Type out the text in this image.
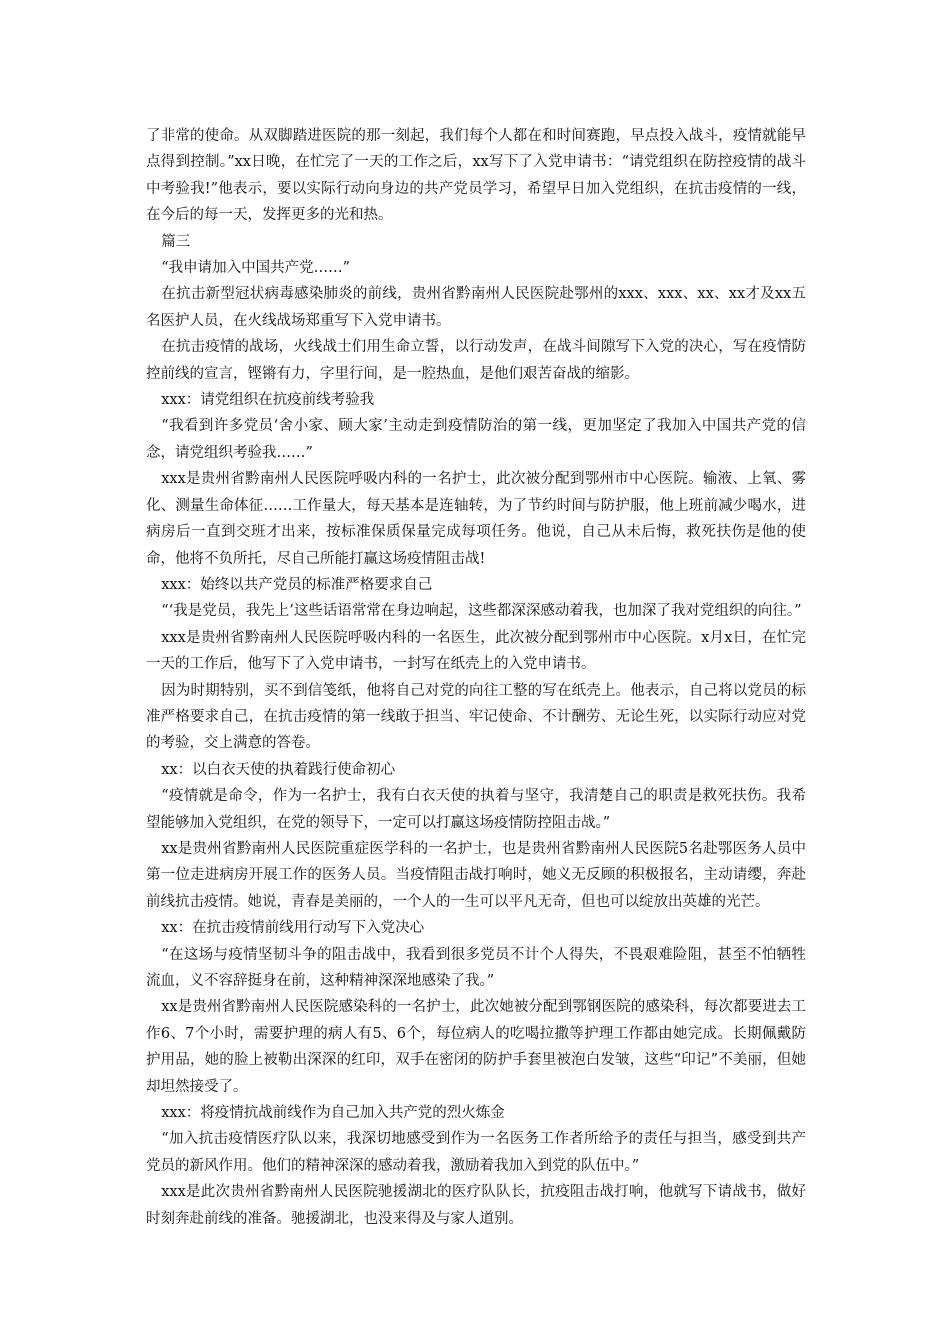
了非常的使命。从双脚踏进医院的那一刻起，我们每个人都在和时间赛跑，早点投入战斗，疫情就能早点得到控制。”xx日晚，在忙完了一天的工作之后，xx写下了入党申请书：“请党组织在防控疫情的战斗中考验我!”他表示，要以实际行动向身边的共产党员学习，希望早日加入党组织，在抗击疫情的一线，在今后的每一天，发挥更多的光和热。

篇三

“我申请加入中国共产党……”

在抗击新型冠状病毒感染肺炎的前线，贵州省黔南州人民医院赴鄂州的xxx、xxx、xx、xx才及xx五名医护人员，在火线战场郑重写下入党申请书。

在抗击疫情的战场，火线战士们用生命立誓，以行动发声，在战斗间隙写下入党的决心，写在疫情防控前线的宣言，铿锵有力，字里行间，是一腔热血，是他们艰苦奋战的缩影。

xxx：请党组织在抗疫前线考验我

“我看到许多党员‘舍小家、顾大家’主动走到疫情防治的第一线，更加坚定了我加入中国共产党的信念，请党组织考验我……”

xxx是贵州省黔南州人民医院呼吸内科的一名护士，此次被分配到鄂州市中心医院。输液、上氧、雾化、测量生命体征……工作量大，每天基本是连轴转，为了节约时间与防护服，他上班前减少喝水，进病房后一直到交班才出来，按标准保质保量完成每项任务。他说，自己从未后悔，救死扶伤是他的使命，他将不负所托，尽自己所能打赢这场疫情阻击战!

xxx：始终以共产党员的标准严格要求自己

“‘我是党员，我先上’这些话语常常在身边响起，这些都深深感动着我，也加深了我对党组织的向往。”

xxx是贵州省黔南州人民医院呼吸内科的一名医生，此次被分配到鄂州市中心医院。x月x日，在忙完一天的工作后，他写下了入党申请书，一封写在纸壳上的入党申请书。

因为时期特别，买不到信笺纸，他将自己对党的向往工整的写在纸壳上。他表示，自己将以党员的标准严格要求自己，在抗击疫情的第一线敢于担当、牢记使命、不计酬劳、无论生死，以实际行动应对党的考验，交上满意的答卷。

xx：以白衣天使的执着践行使命初心

“疫情就是命令，作为一名护士，我有白衣天使的执着与坚守，我清楚自己的职责是救死扶伤。我希望能够加入党组织，在党的领导下，一定可以打赢这场疫情防控阻击战。”

xx是贵州省黔南州人民医院重症医学科的一名护士，也是贵州省黔南州人民医院5名赴鄂医务人员中第一位走进病房开展工作的医务人员。当疫情阻击战打响时，她义无反顾的积极报名，主动请缨，奔赴前线抗击疫情。她说，青春是美丽的，一个人的一生可以平凡无奇，但也可以绽放出英雄的光芒。

xx：在抗击疫情前线用行动写下入党决心

“在这场与疫情坚韧斗争的阻击战中，我看到很多党员不计个人得失，不畏艰难险阻，甚至不怕牺牲流血，义不容辞挺身在前，这种精神深深地感染了我。”

xx是贵州省黔南州人民医院感染科的一名护士，此次她被分配到鄂钢医院的感染科，每次都要进去工作6、7个小时，需要护理的病人有5、6个，每位病人的吃喝拉撒等护理工作都由她完成。长期佩戴防护用品，她的脸上被勒出深深的红印，双手在密闭的防护手套里被泡白发皱，这些“印记”不美丽，但她却坦然接受了。

xxx：将疫情抗战前线作为自己加入共产党的烈火炼金

“加入抗击疫情医疗队以来，我深切地感受到作为一名医务工作者所给予的责任与担当，感受到共产党员的新风作用。他们的精神深深的感动着我，激励着我加入到党的队伍中。”

xxx是此次贵州省黔南州人民医院驰援湖北的医疗队队长，抗疫阻击战打响，他就写下请战书，做好时刻奔赴前线的准备。驰援湖北，也没来得及与家人道别。
